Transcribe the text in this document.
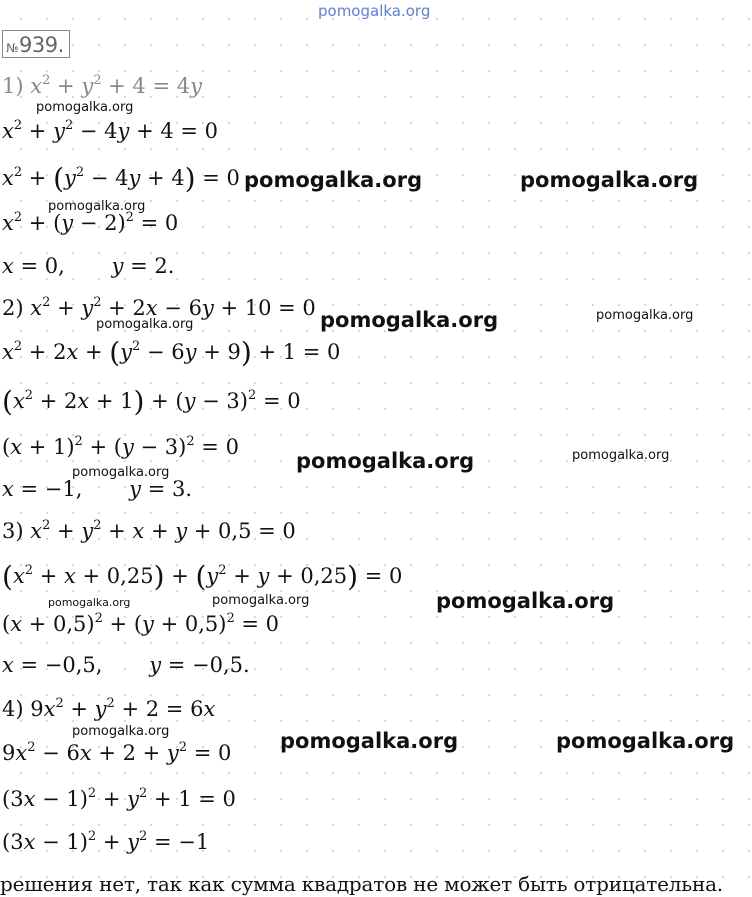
pomogalka.org
№939.
1) $x^2 + y^2 + 4 = 4y$
$x^2 + y^2 - 4y + 4 = 0$
$x^2 + (y^2 - 4y + 4) = 0$
$x^2 + (y - 2)^2 = 0$
x = 0,       y = 2.
2) $x^2 + y^2 + 2x - 6y + 10 = 0$
$x^2 + 2x + (y^2 - 6y + 9) + 1 = 0$
$(x^2 + 2x + 1) + (y - 3)^2 = 0$
$(x + 1)^2 + (y - 3)^2 = 0$
x = −1,       y = 3.
3) $x^2 + y^2 + x + y + 0,5 = 0$
$(x^2 + x + 0,25) + (y^2 + y + 0,25) = 0$
$(x + 0,5)^2 + (y + 0,5)^2 = 0$
x = −0,5,       y = −0,5.
4) $9x^2 + y^2 + 2 = 6x$
$9x^2 - 6x + 2 + y^2 = 0$
$(3x - 1)^2 + y^2 + 1 = 0$
$(3x - 1)^2 + y^2 = -1$
решения нет, так как сумма квадратов не может быть отрицательна.
pomogalka.org
pomogalka.org	pomogalka.org
pomogalka.org
pomogalka.org	pomogalka.org	pomogalka.org
pomogalka.org	pomogalka.org
pomogalka.org
pomogalka.org	pomogalka.org	pomogalka.org
pomogalka.org	pomogalka.org	pomogalka.org
